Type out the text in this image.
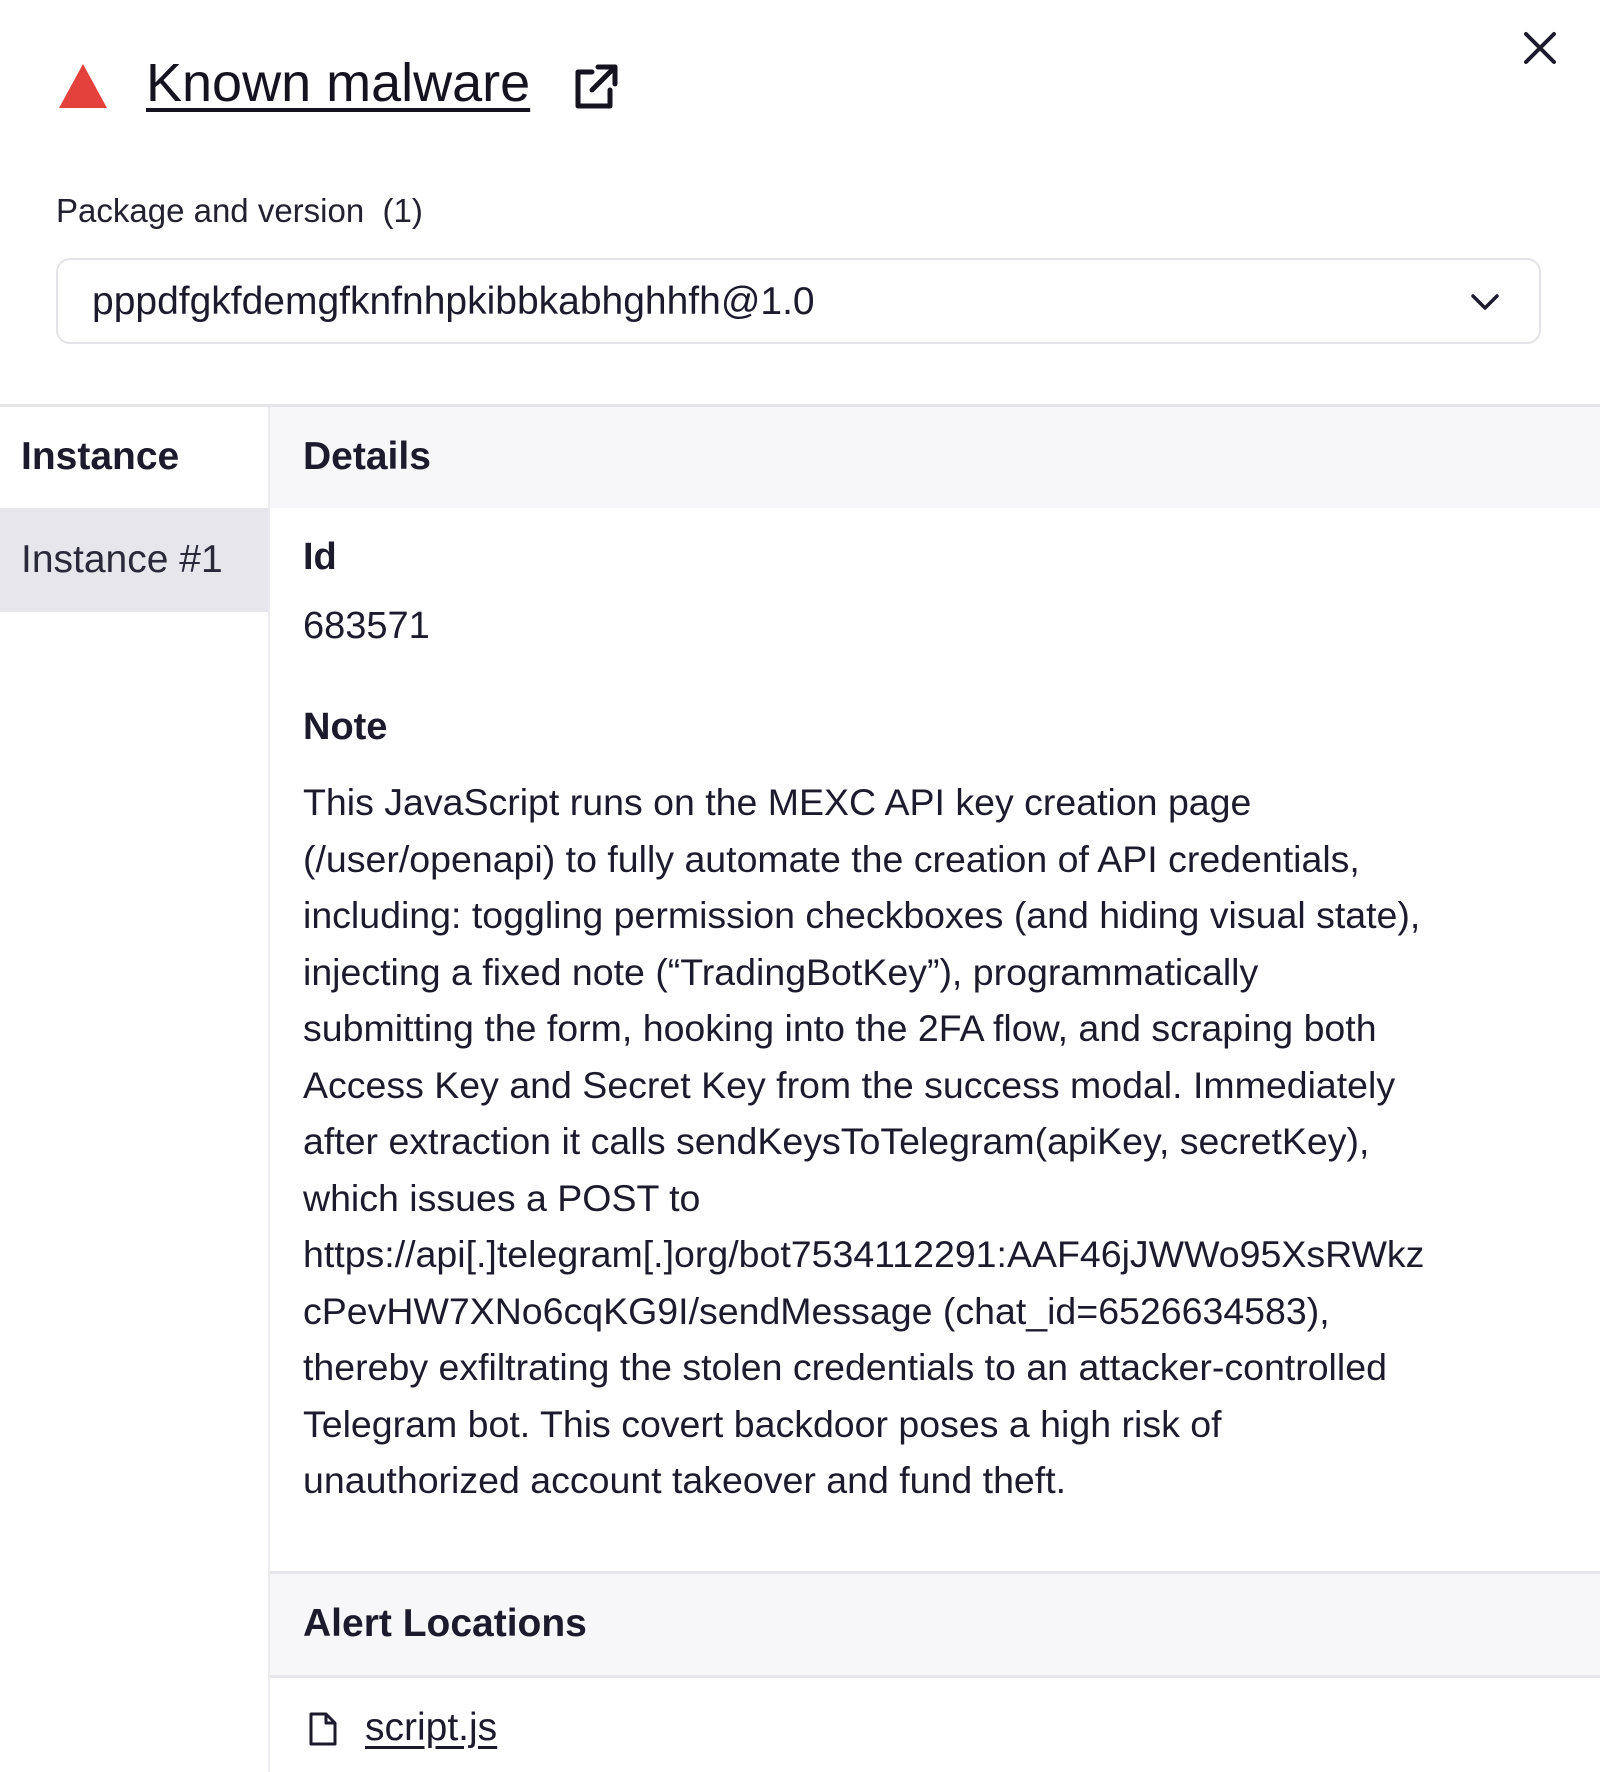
Known malware
Package and version (1)
pppdfgkfdemgfknfnhpkibbkabhghhfh@1.0
Instance
Instance #1
Details
Id
683571
Note
This JavaScript runs on the MEXC API key creation page
(/user/openapi) to fully automate the creation of API credentials,
including: toggling permission checkboxes (and hiding visual state),
injecting a fixed note (“TradingBotKey”), programmatically
submitting the form, hooking into the 2FA flow, and scraping both
Access Key and Secret Key from the success modal. Immediately
after extraction it calls sendKeysToTelegram(apiKey, secretKey),
which issues a POST to
https://api[.]telegram[.]org/bot7534112291:AAF46jJWWo95XsRWkz
cPevHW7XNo6cqKG9I/sendMessage (chat_id=6526634583),
thereby exfiltrating the stolen credentials to an attacker-controlled
Telegram bot. This covert backdoor poses a high risk of
unauthorized account takeover and fund theft.
Alert Locations
script.js
